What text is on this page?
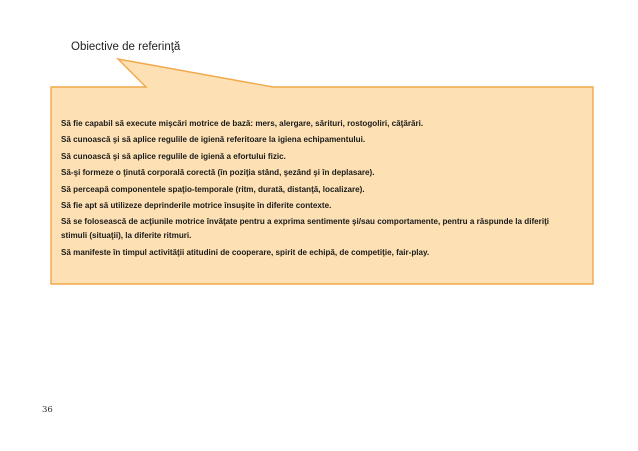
Obiective de referinţă
Să fie capabil să execute mişcări motrice de bază: mers, alergare, sărituri, rostogoliri, căţărări.
Să cunoască şi să aplice regulile de igienă referitoare la igiena echipamentului.
Să cunoască şi să aplice regulile de igienă a efortului fizic.
Să-şi formeze o ţinută corporală corectă (în poziţia stând, şezând şi în deplasare).
Să perceapă componentele spaţio-temporale (ritm, durată, distanţă, localizare).
Să fie apt să utilizeze deprinderile motrice însuşite în diferite contexte.
Să se folosească de acţiunile motrice învăţate pentru a exprima sentimente şi/sau comportamente, pentru a răspunde la diferiţi
stimuli (situaţii), la diferite ritmuri.
Să manifeste în timpul activităţii atitudini de cooperare, spirit de echipă, de competiţie, fair-play.
36
